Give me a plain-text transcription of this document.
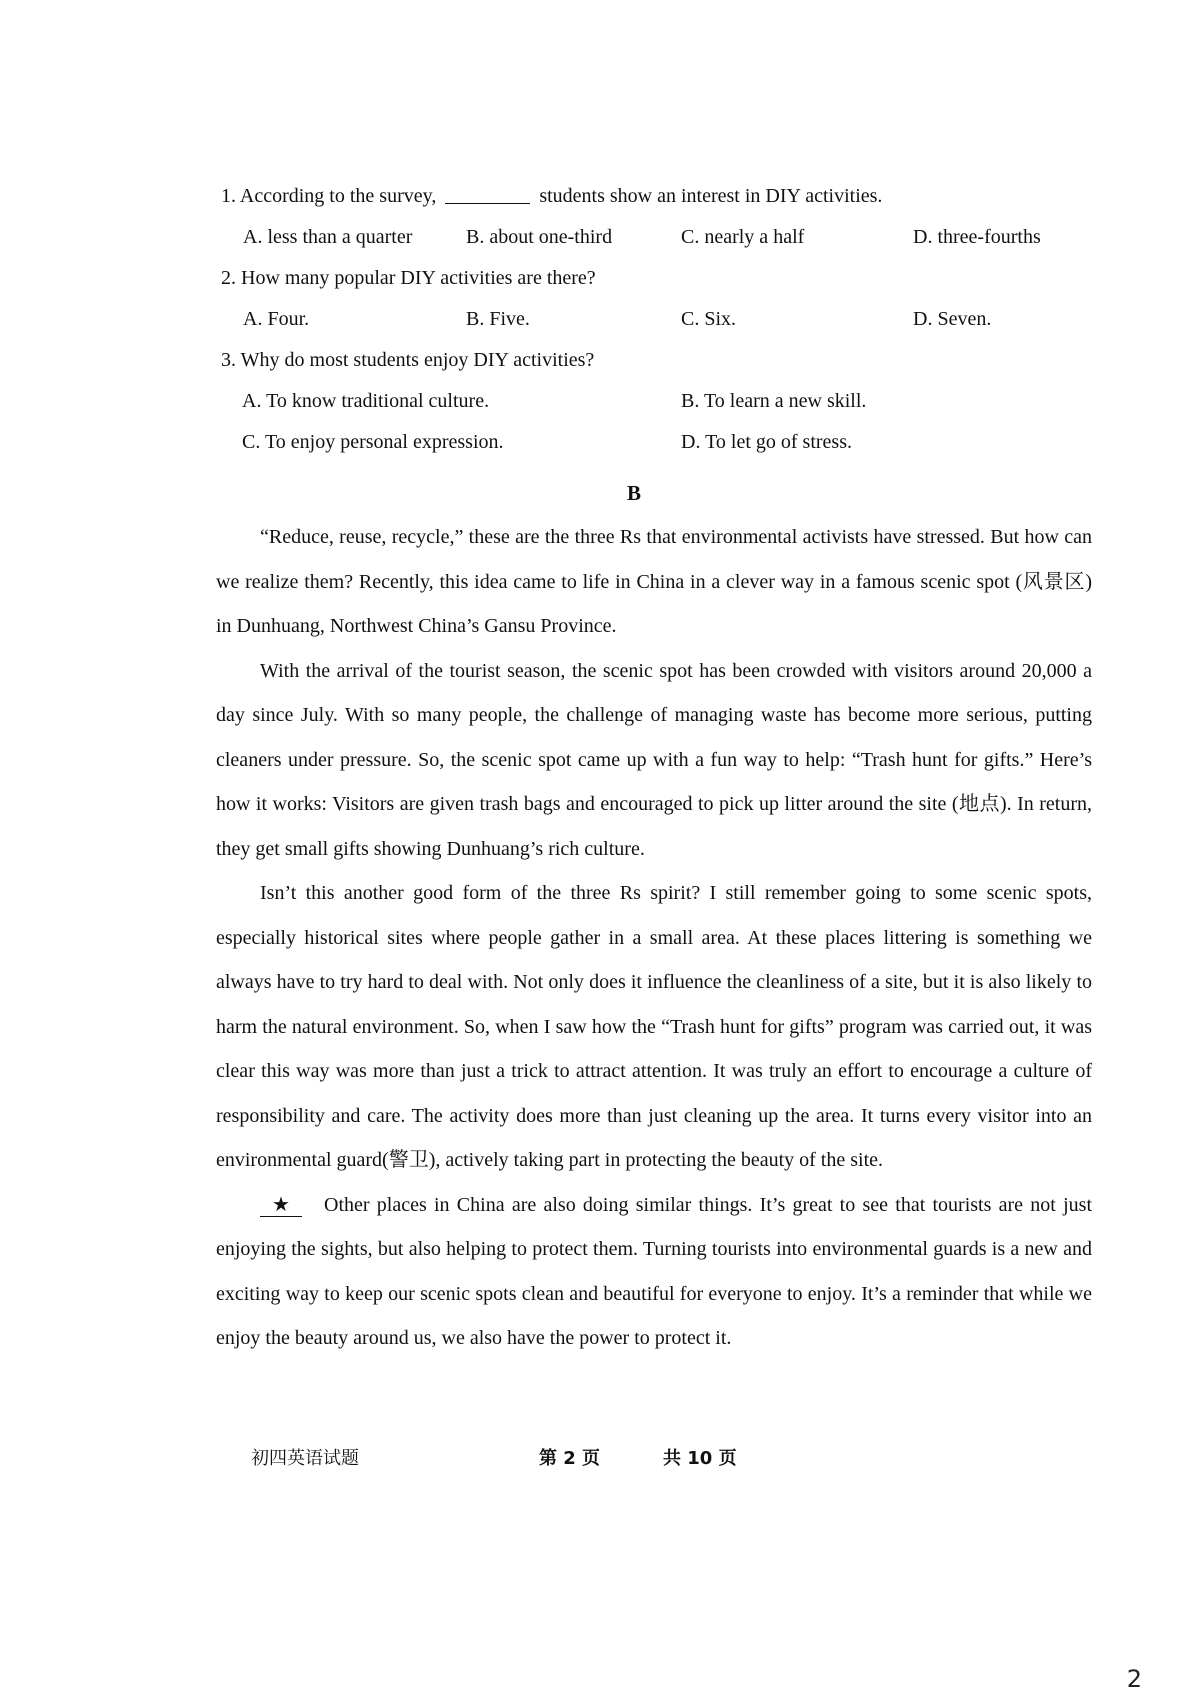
1. According to the survey,	students show an interest in DIY activities.
A. less than a quarter	B. about one-third	C. nearly a half	D. three-fourths
2. How many popular DIY activities are there?
A. Four.	B. Five.	C. Six.	D. Seven.
3. Why do most students enjoy DIY activities?
A. To know traditional culture.	B. To learn a new skill.
C. To enjoy personal expression.	D. To let go of stress.
B

“Reduce, reuse, recycle,” these are the three Rs that environmental activists have stressed. But how can we realize them? Recently, this idea came to life in China in a clever way in a famous scenic spot (风景区) in Dunhuang, Northwest China’s Gansu Province.

With the arrival of the tourist season, the scenic spot has been crowded with visitors around 20,000 a day since July. With so many people, the challenge of managing waste has become more serious, putting cleaners under pressure. So, the scenic spot came up with a fun way to help: “Trash hunt for gifts.” Here’s how it works: Visitors are given trash bags and encouraged to pick up litter around the site (地点). In return, they get small gifts showing Dunhuang’s rich culture.

Isn’t this another good form of the three Rs spirit? I still remember going to some scenic spots, especially historical sites where people gather in a small area. At these places littering is something we always have to try hard to deal with. Not only does it influence the cleanliness of a site, but it is also likely to harm the natural environment. So, when I saw how the “Trash hunt for gifts” program was carried out, it was clear this way was more than just a trick to attract attention. It was truly an effort to encourage a culture of responsibility and care. The activity does more than just cleaning up the area. It turns every visitor into an environmental guard(警卫), actively taking part in protecting the beauty of the site.

★ Other places in China are also doing similar things. It’s great to see that tourists are not just enjoying the sights, but also helping to protect them. Turning tourists into environmental guards is a new and exciting way to keep our scenic spots clean and beautiful for everyone to enjoy. It’s a reminder that while we enjoy the beauty around us, we also have the power to protect it.

初四英语试题	第 2 页	共 10 页
2
